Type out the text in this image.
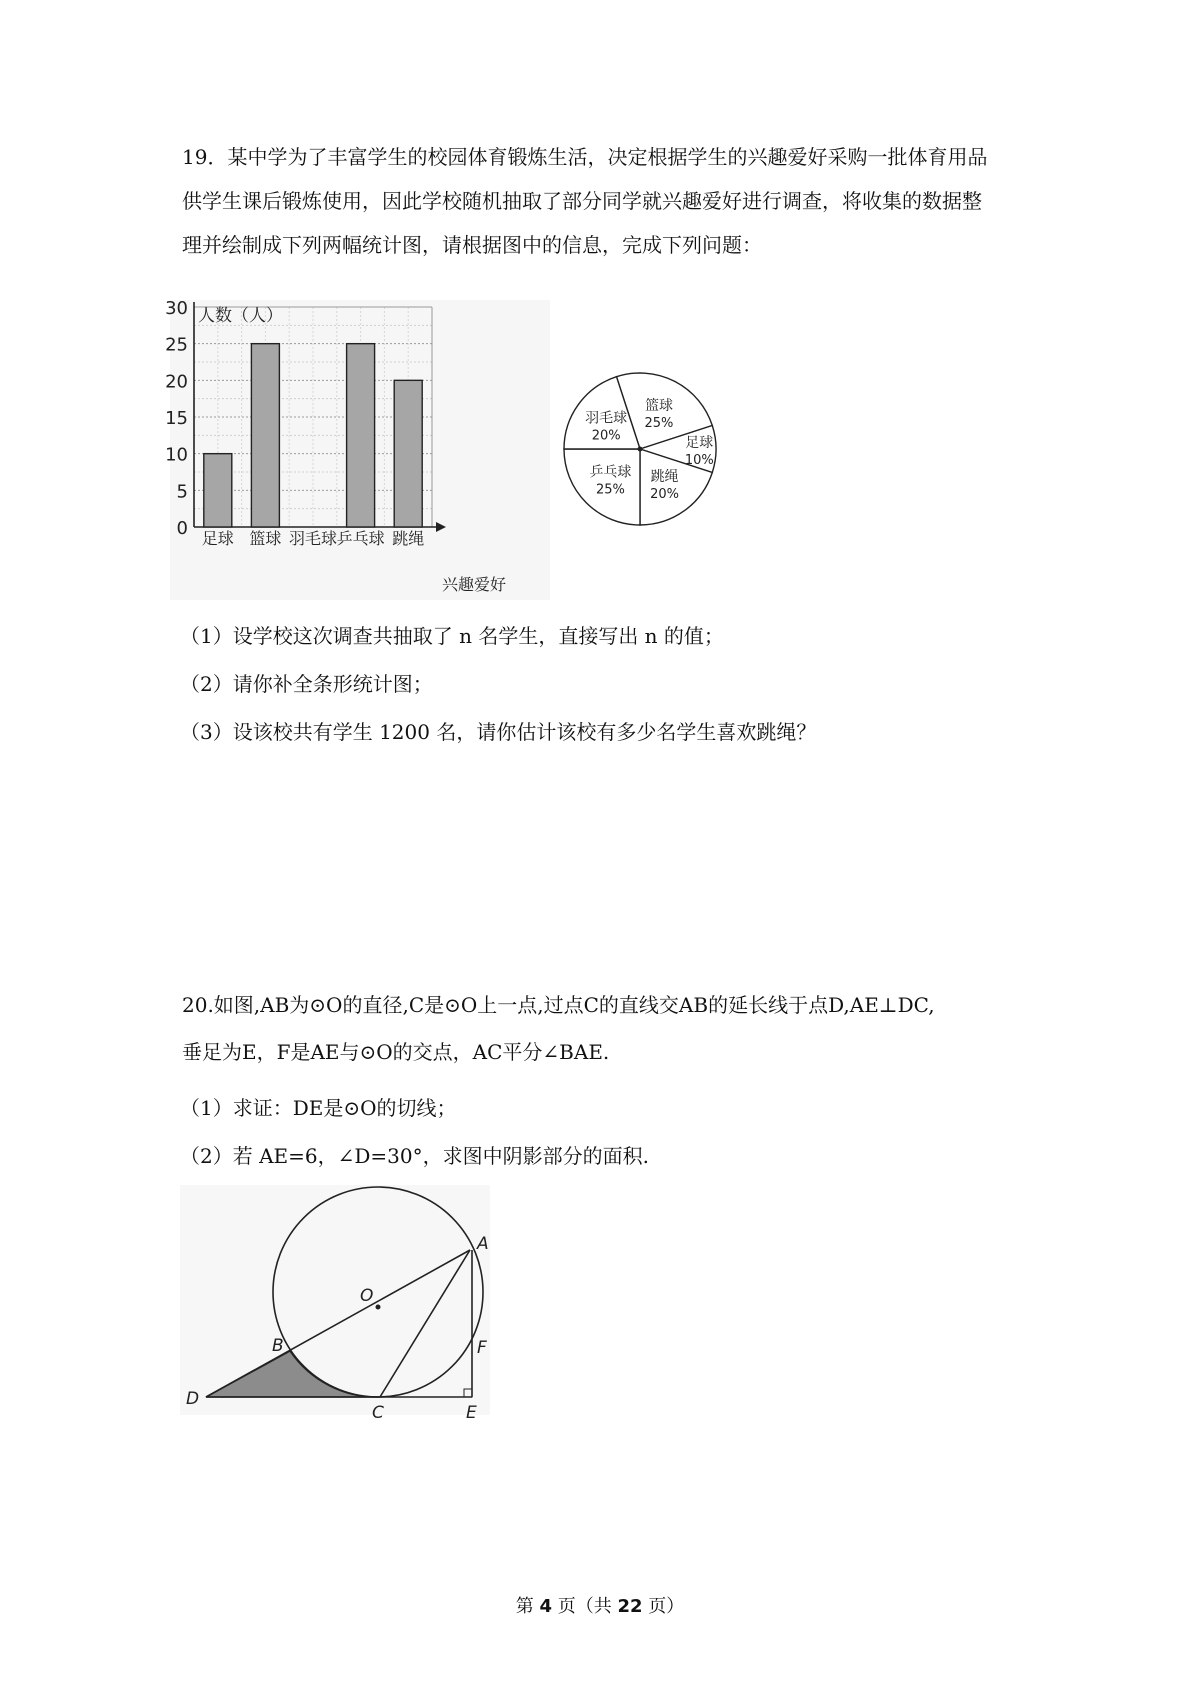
19．某中学为了丰富学生的校园体育锻炼生活，决定根据学生的兴趣爱好采购一批体育用品
供学生课后锻炼使用，因此学校随机抽取了部分同学就兴趣爱好进行调查，将收集的数据整
理并绘制成下列两幅统计图，请根据图中的信息，完成下列问题：
0
5
10
15
20
25
30
足球 篮球 羽毛球 乒乓球 跳绳
人数（人）
兴趣爱好
篮球
25%
足球
10%
跳绳
20%
乒乓球
25%
羽毛球
20%
（1）设学校这次调查共抽取了 n 名学生，直接写出 n 的值；
（2）请你补全条形统计图；
（3）设该校共有学生 1200 名，请你估计该校有多少名学生喜欢跳绳？
20.如图,AB为⊙O的直径,C是⊙O上一点,过点C的直线交AB的延长线于点D,AE⊥DC,
垂足为E，F是AE与⊙O的交点，AC平分∠BAE.
（1）求证：DE是⊙O的切线；
（2）若 AE=6，∠D=30°，求图中阴影部分的面积.
A
O
B
D
C	E
F
第 4 页（共 22 页）
